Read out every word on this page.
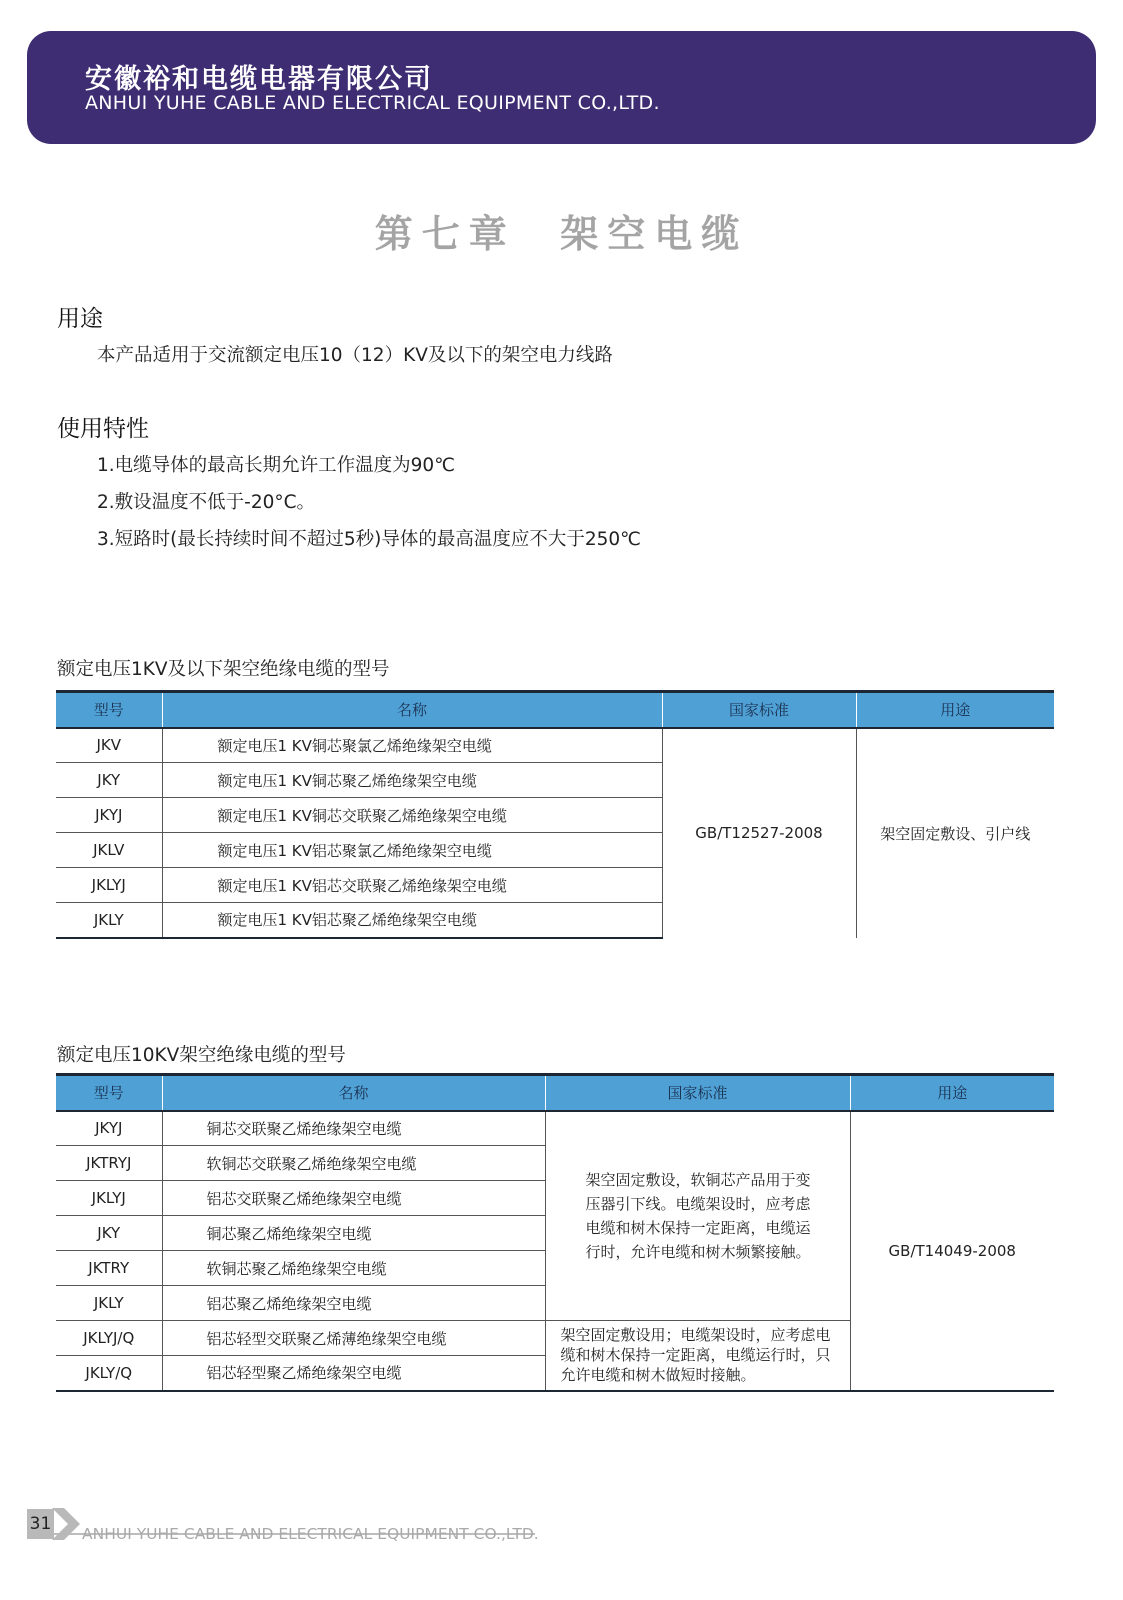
安徽裕和电缆电器有限公司
ANHUI YUHE CABLE AND ELECTRICAL EQUIPMENT CO.,LTD.
第七章  架空电缆
用途
本产品适用于交流额定电压10（12）KV及以下的架空电力线路
使用特性
1.电缆导体的最高长期允许工作温度为90℃
2.敷设温度不低于-20°C。
3.短路时(最长持续时间不超过5秒)导体的最高温度应不大于250℃
额定电压1KV及以下架空绝缘电缆的型号
型号	名称	国家标准	用途
JKV	额定电压1 KV铜芯聚氯乙烯绝缘架空电缆	GB/T12527-2008	架空固定敷设、引户线
JKY	额定电压1 KV铜芯聚乙烯绝缘架空电缆		
JKYJ	额定电压1 KV铜芯交联聚乙烯绝缘架空电缆		
JKLV	额定电压1 KV铝芯聚氯乙烯绝缘架空电缆		
JKLYJ	额定电压1 KV铝芯交联聚乙烯绝缘架空电缆		
JKLY	额定电压1 KV铝芯聚乙烯绝缘架空电缆		
额定电压10KV架空绝缘电缆的型号
型号	名称	国家标准	用途
JKYJ	铜芯交联聚乙烯绝缘架空电缆	架空固定敷设，软铜芯产品用于变压器引下线。电缆架设时，应考虑电缆和树木保持一定距离，电缆运行时，允许电缆和树木频繁接触。	GB/T14049-2008
JKTRYJ	软铜芯交联聚乙烯绝缘架空电缆		
JKLYJ	铝芯交联聚乙烯绝缘架空电缆		
JKY	铜芯聚乙烯绝缘架空电缆		
JKTRY	软铜芯聚乙烯绝缘架空电缆		
JKLY	铝芯聚乙烯绝缘架空电缆		
JKLYJ/Q	铝芯轻型交联聚乙烯薄绝缘架空电缆	架空固定敷设用；电缆架设时，应考虑电缆和树木保持一定距离，电缆运行时，只允许电缆和树木做短时接触。	

JKLY/Q	铝芯轻型聚乙烯绝缘架空电缆		
31 ANHUI YUHE CABLE AND ELECTRICAL EQUIPMENT CO.,LTD.
